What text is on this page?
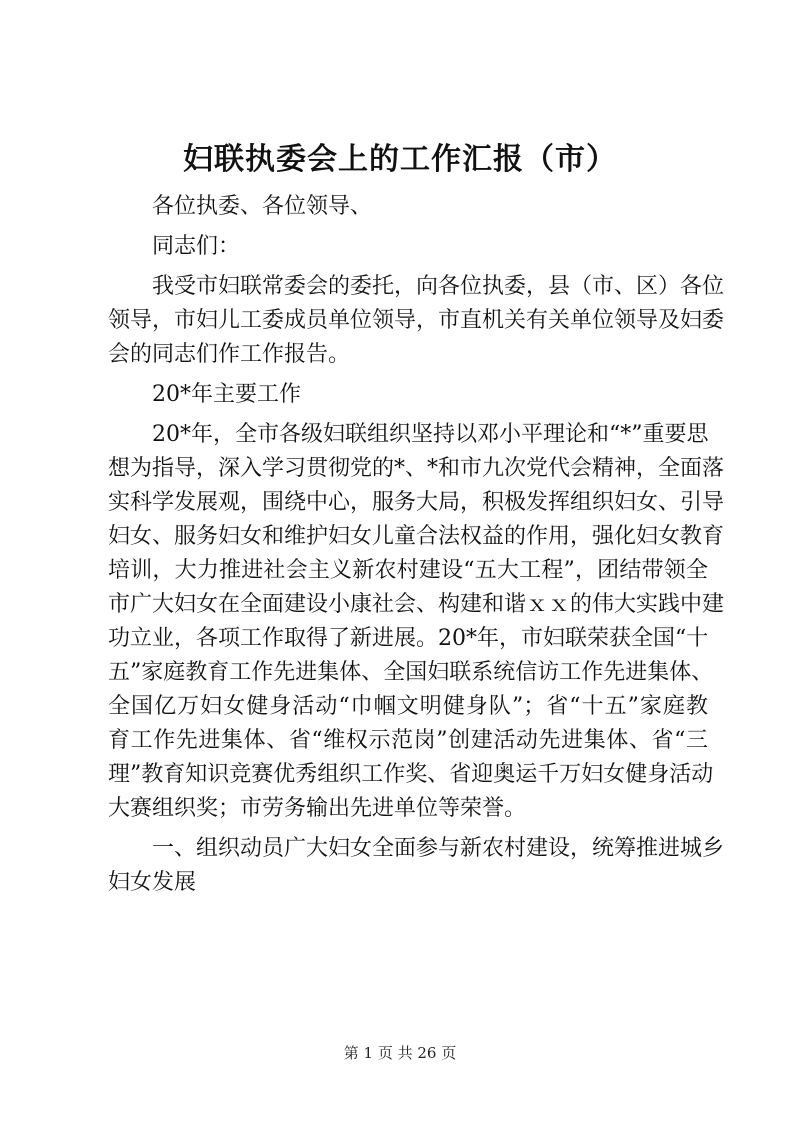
妇联执委会上的工作汇报（市）
各位执委、各位领导、
同志们：
我受市妇联常委会的委托，向各位执委，县（市、区）各位
领导，市妇儿工委成员单位领导，市直机关有关单位领导及妇委
会的同志们作工作报告。
20*年主要工作
20*年，全市各级妇联组织坚持以邓小平理论和“*”重要思
想为指导，深入学习贯彻党的*、*和市九次党代会精神，全面落
实科学发展观，围绕中心，服务大局，积极发挥组织妇女、引导
妇女、服务妇女和维护妇女儿童合法权益的作用，强化妇女教育
培训，大力推进社会主义新农村建设“五大工程”，团结带领全
市广大妇女在全面建设小康社会、构建和谐ｘｘ的伟大实践中建
功立业，各项工作取得了新进展。20*年，市妇联荣获全国“十
五”家庭教育工作先进集体、全国妇联系统信访工作先进集体、
全国亿万妇女健身活动“巾帼文明健身队”；省“十五”家庭教
育工作先进集体、省“维权示范岗”创建活动先进集体、省“三
理”教育知识竞赛优秀组织工作奖、省迎奥运千万妇女健身活动
大赛组织奖；市劳务输出先进单位等荣誉。
一、组织动员广大妇女全面参与新农村建设，统筹推进城乡
妇女发展
第 1 页 共 26 页
